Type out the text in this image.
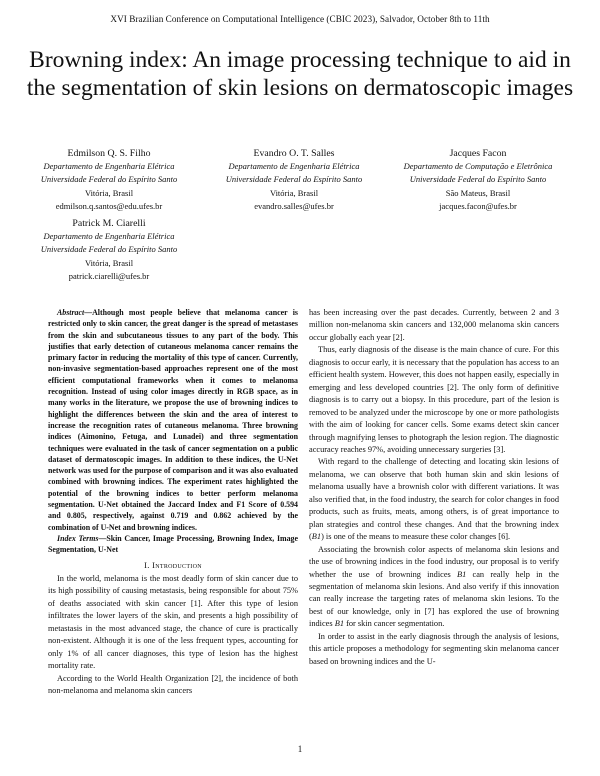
XVI Brazilian Conference on Computational Intelligence (CBIC 2023), Salvador, October 8th to 11th
Browning index: An image processing technique to aid in the segmentation of skin lesions on dermatoscopic images
Edmilson Q. S. Filho
Departamento de Engenharia Elétrica
Universidade Federal do Espírito Santo
Vitória, Brasil
edmilson.q.santos@edu.ufes.br
Evandro O. T. Salles
Departamento de Engenharia Elétrica
Universidade Federal do Espírito Santo
Vitória, Brasil
evandro.salles@ufes.br
Jacques Facon
Departamento de Computação e Eletrônica
Universidade Federal do Espírito Santo
São Mateus, Brasil
jacques.facon@ufes.br
Patrick M. Ciarelli
Departamento de Engenharia Elétrica
Universidade Federal do Espírito Santo
Vitória, Brasil
patrick.ciarelli@ufes.br

Abstract—Although most people believe that melanoma cancer is restricted only to skin cancer, the great danger is the spread of metastases from the skin and subcutaneous tissues to any part of the body. This justifies that early detection of cutaneous melanoma cancer remains the primary factor in reducing the mortality of this type of cancer. Currently, non-invasive segmentation-based approaches represent one of the most efficient computational frameworks when it comes to melanoma recognition. Instead of using color images directly in RGB space, as in many works in the literature, we propose the use of browning indices to highlight the differences between the skin and the area of interest to increase the recognition rates of cutaneous melanoma. Three browning indices (Aimonino, Fetuga, and Lunadei) and three segmentation techniques were evaluated in the task of cancer segmentation on a public dataset of dermatoscopic images. In addition to these indices, the U-Net network was used for the purpose of comparison and it was also evaluated combined with browning indices. The experiment rates highlighted the potential of the browning indices to better perform melanoma segmentation. U-Net obtained the Jaccard Index and F1 Score of 0.594 and 0.805, respectively, against 0.719 and 0.862 achieved by the combination of U-Net and browning indices.

Index Terms—Skin Cancer, Image Processing, Browning Index, Image Segmentation, U-Net

I. Introduction

In the world, melanoma is the most deadly form of skin cancer due to its high possibility of causing metastasis, being responsible for about 75% of deaths associated with skin cancer [1]. After this type of lesion infiltrates the lower layers of the skin, and presents a high possibility of metastasis in the most advanced stage, the chance of cure is practically non-existent. Although it is one of the less frequent types, accounting for only 1% of all cancer diagnoses, this type of lesion has the highest mortality rate.

According to the World Health Organization [2], the incidence of both non-melanoma and melanoma skin cancers

has been increasing over the past decades. Currently, between 2 and 3 million non-melanoma skin cancers and 132,000 melanoma skin cancers occur globally each year [2].

Thus, early diagnosis of the disease is the main chance of cure. For this diagnosis to occur early, it is necessary that the population has access to an efficient health system. However, this does not happen easily, especially in emerging and less developed countries [2]. The only form of definitive diagnosis is to carry out a biopsy. In this procedure, part of the lesion is removed to be analyzed under the microscope by one or more pathologists with the aim of looking for cancer cells. Some exams detect skin cancer through magnifying lenses to photograph the lesion region. The diagnostic accuracy reaches 97%, avoiding unnecessary surgeries [3].

With regard to the challenge of detecting and locating skin lesions of melanoma, we can observe that both human skin and skin lesions of melanoma usually have a brownish color with different variations. It was also verified that, in the food industry, the search for color changes in food products, such as fruits, meats, among others, is of great importance to plan strategies and control these changes. And that the browning index (B1) is one of the means to measure these color changes [6].

Associating the brownish color aspects of melanoma skin lesions and the use of browning indices in the food industry, our proposal is to verify whether the use of browning indices B1 can really help in the segmentation of melanoma skin lesions. And also verify if this innovation can really increase the targeting rates of melanoma skin lesions. To the best of our knowledge, only in [7] has explored the use of browning indices B1 for skin cancer segmentation.

In order to assist in the early diagnosis through the analysis of lesions, this article proposes a methodology for segmenting skin melanoma cancer based on browning indices and the U-

1
